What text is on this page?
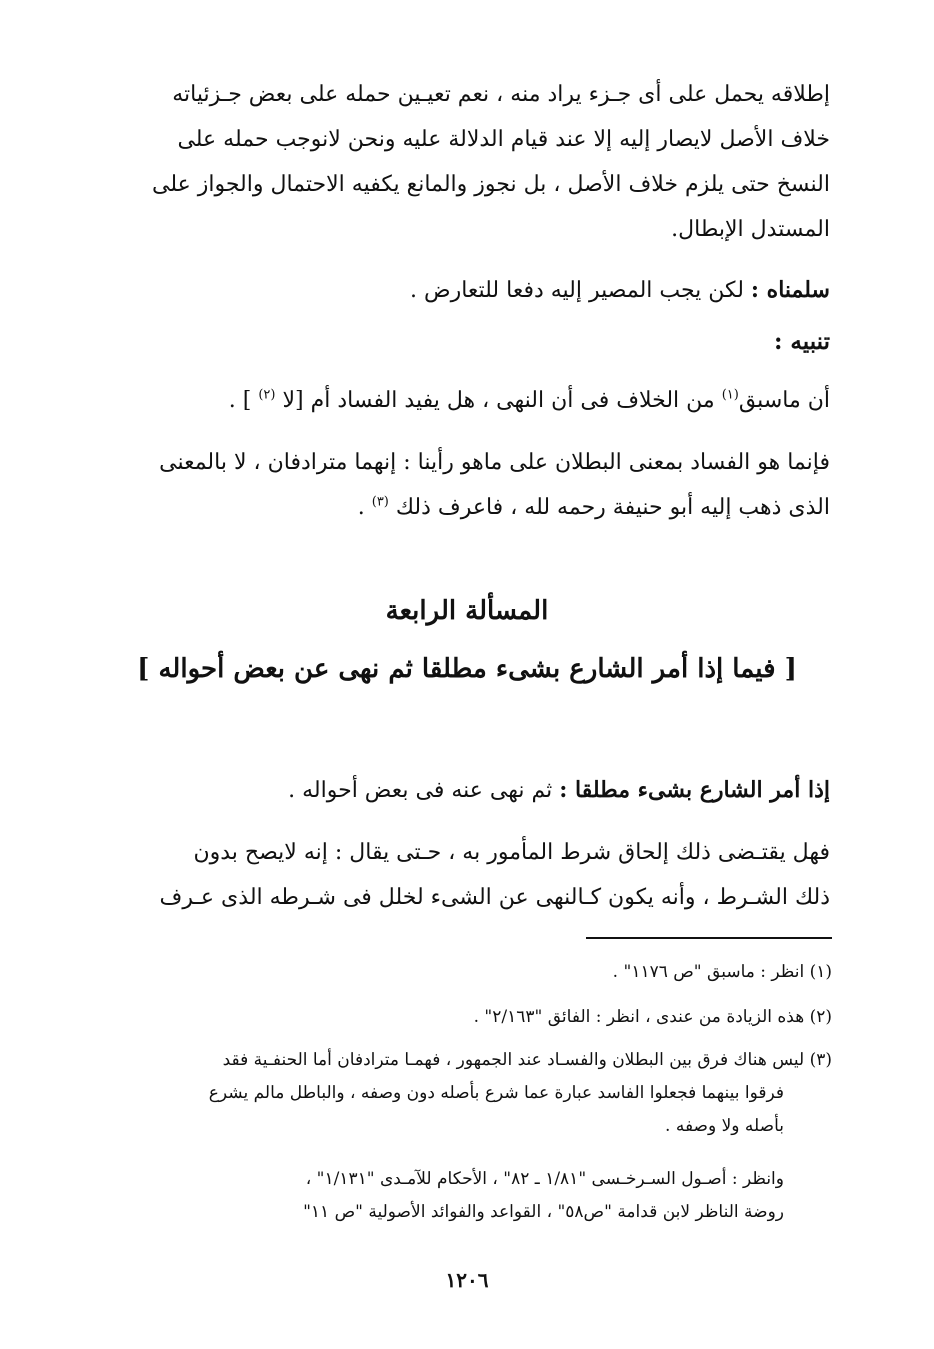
إطلاقه يحمل على أى جـزء يراد منه ، نعم تعيـين حمله على بعض جـزئياته
خلاف الأصل لايصار إليه إلا عند قيام الدلالة عليه ونحن لانوجب حمله على
النسخ حتى يلزم خلاف الأصل ، بل نجوز والمانع يكفيه الاحتمال والجواز على
المستدل الإبطال.
سلمناه : لكن يجب المصير إليه دفعا للتعارض .
تنبيه :
أن ماسبق$^{(١)}$ من الخلاف فى أن النهى ، هل يفيد الفساد أم [لا $^{(٢)}$ ] .
فإنما هو الفساد بمعنى البطلان على ماهو رأينا : إنهما مترادفان ، لا بالمعنى
الذى ذهب إليه أبو حنيفة رحمه لله ، فاعرف ذلك $^{(٣)}$ .
المسألة الرابعة
[ فيما إذا أمر الشارع بشىء مطلقا ثم نهى عن بعض أحواله ]
إذا أمر الشارع بشىء مطلقا : ثم نهى عنه فى بعض أحواله .
فهل يقتـضى ذلك إلحاق شرط المأمور به ، حـتى يقال : إنه لايصح بدون
ذلك الشـرط ، وأنه يكون كـالنهى عن الشىء لخلل فى شـرطه الذى عـرف
(١) انظر : ماسبق "ص ١١٧٦" .
(٢) هذه الزيادة من عندى ، انظر : الفائق "٢/١٦٣" .
(٣) ليس هناك فرق بين البطلان والفسـاد عند الجمهور ، فهمـا مترادفان أما الحنفـية فقد
فرقوا بينهما فجعلوا الفاسد عبارة عما شرع بأصله دون وصفه ، والباطل مالم يشرع
بأصله ولا وصفه .
وانظر : أصـول السـرخـسى "١/٨١ ـ ٨٢" ، الأحكام للآمـدى "١/١٣١" ،
روضة الناظر لابن قدامة "ص٥٨" ، القواعد والفوائد الأصولية "ص ١١"
١٢٠٦
